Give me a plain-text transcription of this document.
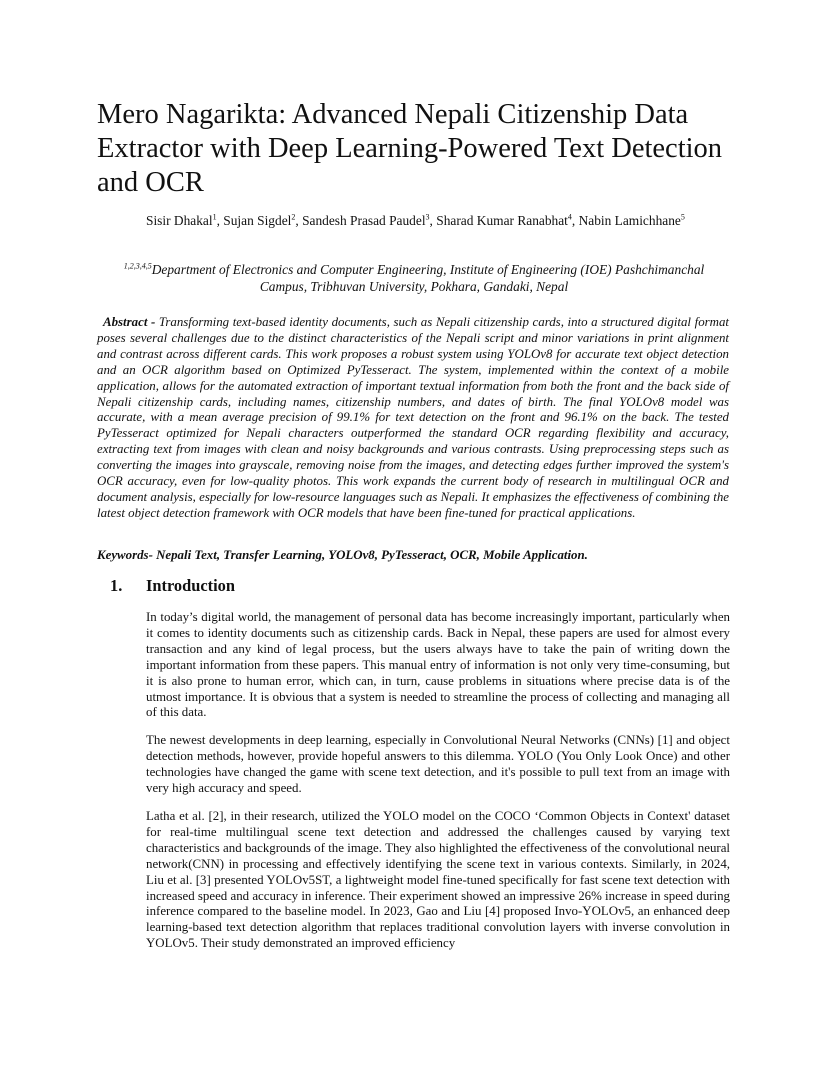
Mero Nagarikta: Advanced Nepali Citizenship Data Extractor with Deep Learning-Powered Text Detection and OCR

Sisir Dhakal$^1$, Sujan Sigdel$^2$, Sandesh Prasad Paudel$^3$, Sharad Kumar Ranabhat$^4$, Nabin Lamichhane$^5$

$^{1,2,3,4,5}$Department of Electronics and Computer Engineering, Institute of Engineering (IOE) Pashchimanchal Campus, Tribhuvan University, Pokhara, Gandaki, Nepal

Abstract - Transforming text-based identity documents, such as Nepali citizenship cards, into a structured digital format poses several challenges due to the distinct characteristics of the Nepali script and minor variations in print alignment and contrast across different cards. This work proposes a robust system using YOLOv8 for accurate text object detection and an OCR algorithm based on Optimized PyTesseract. The system, implemented within the context of a mobile application, allows for the automated extraction of important textual information from both the front and the back side of Nepali citizenship cards, including names, citizenship numbers, and dates of birth. The final YOLOv8 model was accurate, with a mean average precision of 99.1% for text detection on the front and 96.1% on the back. The tested PyTesseract optimized for Nepali characters outperformed the standard OCR regarding flexibility and accuracy, extracting text from images with clean and noisy backgrounds and various contrasts. Using preprocessing steps such as converting the images into grayscale, removing noise from the images, and detecting edges further improved the system's OCR accuracy, even for low-quality photos. This work expands the current body of research in multilingual OCR and document analysis, especially for low-resource languages such as Nepali. It emphasizes the effectiveness of combining the latest object detection framework with OCR models that have been fine-tuned for practical applications.

Keywords- Nepali Text, Transfer Learning, YOLOv8, PyTesseract, OCR, Mobile Application.

1. Introduction

In today’s digital world, the management of personal data has become increasingly important, particularly when it comes to identity documents such as citizenship cards. Back in Nepal, these papers are used for almost every transaction and any kind of legal process, but the users always have to take the pain of writing down the important information from these papers. This manual entry of information is not only very time-consuming, but it is also prone to human error, which can, in turn, cause problems in situations where precise data is of the utmost importance. It is obvious that a system is needed to streamline the process of collecting and managing all of this data.

The newest developments in deep learning, especially in Convolutional Neural Networks (CNNs) [1] and object detection methods, however, provide hopeful answers to this dilemma. YOLO (You Only Look Once) and other technologies have changed the game with scene text detection, and it's possible to pull text from an image with very high accuracy and speed.

Latha et al. [2], in their research, utilized the YOLO model on the COCO ‘Common Objects in Context' dataset for real-time multilingual scene text detection and addressed the challenges caused by varying text characteristics and backgrounds of the image. They also highlighted the effectiveness of the convolutional neural network(CNN) in processing and effectively identifying the scene text in various contexts. Similarly, in 2024, Liu et al. [3] presented YOLOv5ST, a lightweight model fine-tuned specifically for fast scene text detection with increased speed and accuracy in inference. Their experiment showed an impressive 26% increase in speed during inference compared to the baseline model. In 2023, Gao and Liu [4] proposed Invo-YOLOv5, an enhanced deep learning-based text detection algorithm that replaces traditional convolution layers with inverse convolution in YOLOv5. Their study demonstrated an improved efficiency
